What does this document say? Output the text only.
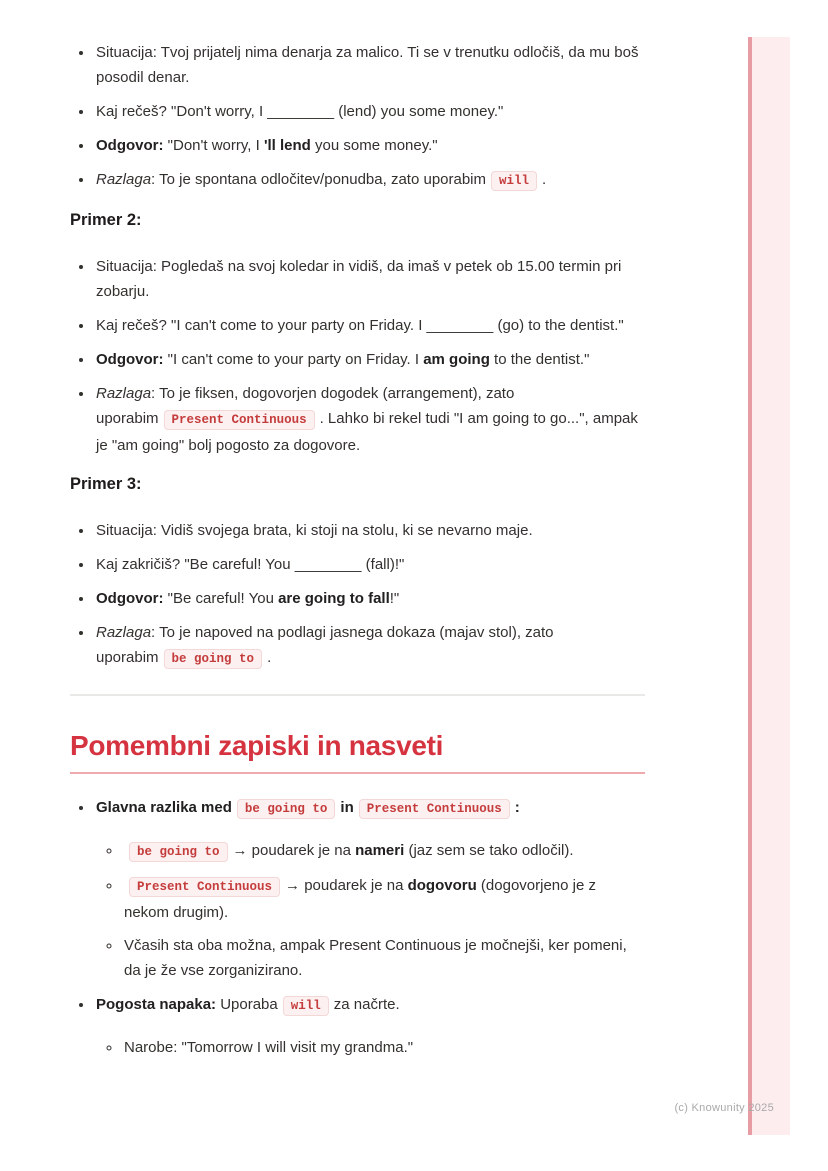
• Situacija: Tvoj prijatelj nima denarja za malico. Ti se v trenutku odločiš, da mu boš posodil denar.
• Kaj rečeš? "Don't worry, I ________ (lend) you some money."
• Odgovor: "Don't worry, I 'll lend you some money."
• Razlaga: To je spontana odločitev/ponudba, zato uporabim will .
Primer 2:
• Situacija: Pogledaš na svoj koledar in vidiš, da imaš v petek ob 15.00 termin pri zobarju.
• Kaj rečeš? "I can't come to your party on Friday. I ________ (go) to the dentist."
• Odgovor: "I can't come to your party on Friday. I am going to the dentist."
• Razlaga: To je fiksen, dogovorjen dogodek (arrangement), zato uporabim Present Continuous . Lahko bi rekel tudi "I am going to go...", ampak je "am going" bolj pogosto za dogovore.
Primer 3:
• Situacija: Vidiš svojega brata, ki stoji na stolu, ki se nevarno maje.
• Kaj zakričiš? "Be careful! You ________ (fall)!"
• Odgovor: "Be careful! You are going to fall!"
• Razlaga: To je napoved na podlagi jasnega dokaza (majav stol), zato uporabim be going to .
Pomembni zapiski in nasveti
• Glavna razlika med be going to in Present Continuous :
◦ be going to → poudarek je na nameri (jaz sem se tako odločil).
◦ Present Continuous → poudarek je na dogovoru (dogovorjeno je z nekom drugim).
◦ Včasih sta oba možna, ampak Present Continuous je močnejši, ker pomeni, da je že vse zorganizirano.
• Pogosta napaka: Uporaba will za načrte.
◦ Narobe: "Tomorrow I will visit my grandma."
(c) Knowunity 2025
